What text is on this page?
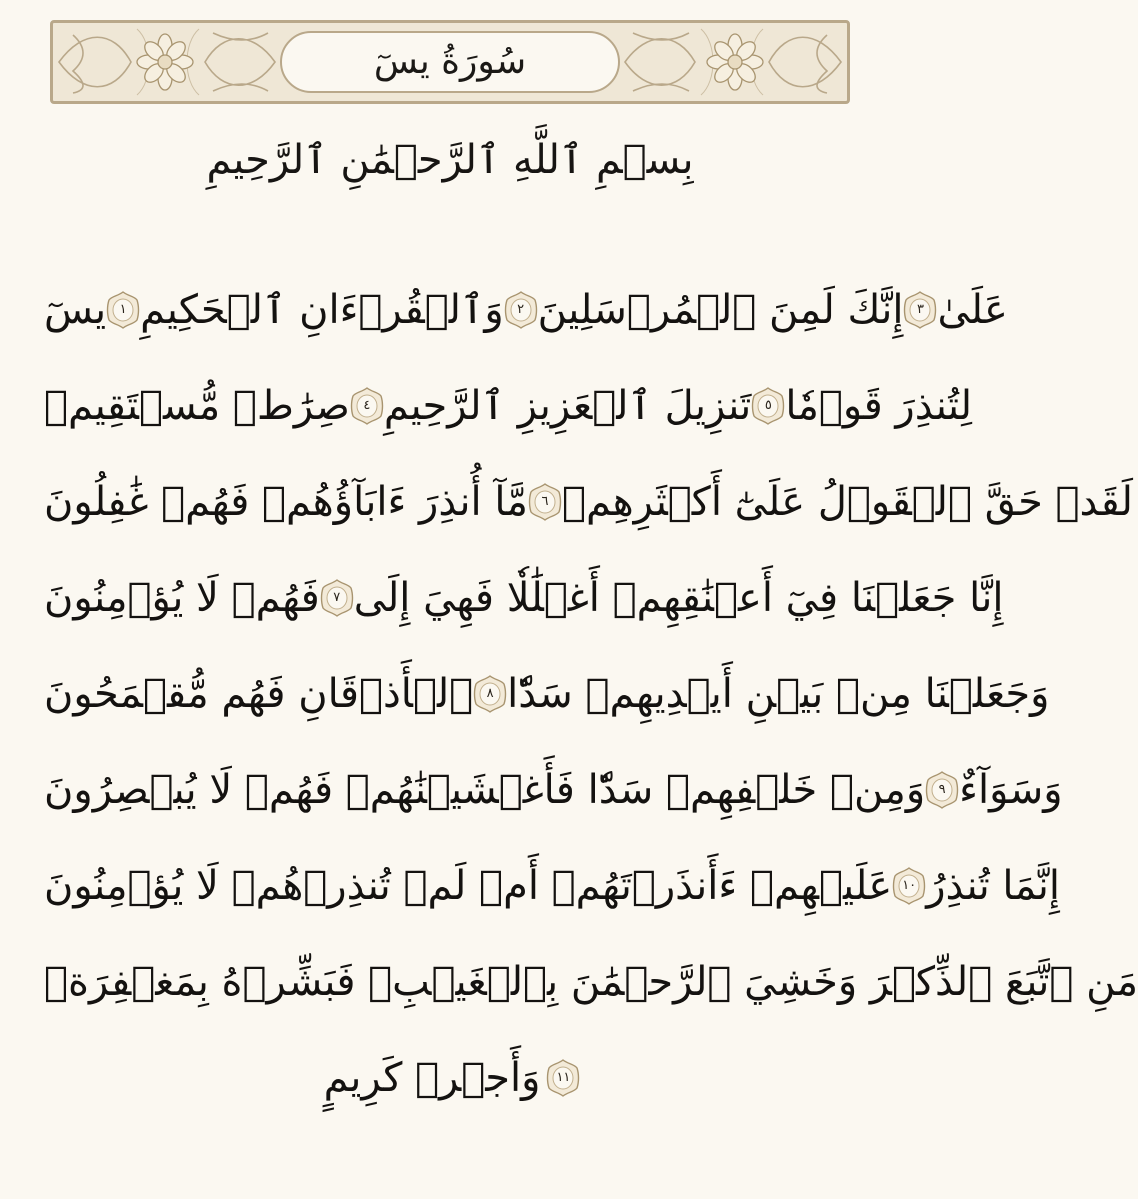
سُورَةُ يسٓ
بِسۡمِ ٱللَّهِ ٱلرَّحۡمَٰنِ ٱلرَّحِيمِ
يسٓ	١ وَٱلۡقُرۡءَانِ ٱلۡحَكِيمِ	٢ إِنَّكَ لَمِنَ ٱلۡمُرۡسَلِينَ	٣ عَلَىٰ
صِرَٰطٖ مُّسۡتَقِيمٖ	٤ تَنزِيلَ ٱلۡعَزِيزِ ٱلرَّحِيمِ	٥ لِتُنذِرَ قَوۡمٗا
مَّآ أُنذِرَ ءَابَآؤُهُمۡ فَهُمۡ غَٰفِلُونَ	٦ لَقَدۡ حَقَّ ٱلۡقَوۡلُ عَلَىٰٓ أَكۡثَرِهِمۡ
فَهُمۡ لَا يُؤۡمِنُونَ	٧ إِنَّا جَعَلۡنَا فِيٓ أَعۡنَٰقِهِمۡ أَغۡلَٰلٗا فَهِيَ إِلَى
ٱلۡأَذۡقَانِ فَهُم مُّقۡمَحُونَ	٨ وَجَعَلۡنَا مِنۢ بَيۡنِ أَيۡدِيهِمۡ سَدّٗا
وَمِنۡ خَلۡفِهِمۡ سَدّٗا فَأَغۡشَيۡنَٰهُمۡ فَهُمۡ لَا يُبۡصِرُونَ	٩ وَسَوَآءٌ
عَلَيۡهِمۡ ءَأَنذَرۡتَهُمۡ أَمۡ لَمۡ تُنذِرۡهُمۡ لَا يُؤۡمِنُونَ ١٠ إِنَّمَا تُنذِرُ
مَنِ ٱتَّبَعَ ٱلذِّكۡرَ وَخَشِيَ ٱلرَّحۡمَٰنَ بِٱلۡغَيۡبِۖ فَبَشِّرۡهُ بِمَغۡفِرَةٖ
وَأَجۡرٖ كَرِيمٍ	١١
